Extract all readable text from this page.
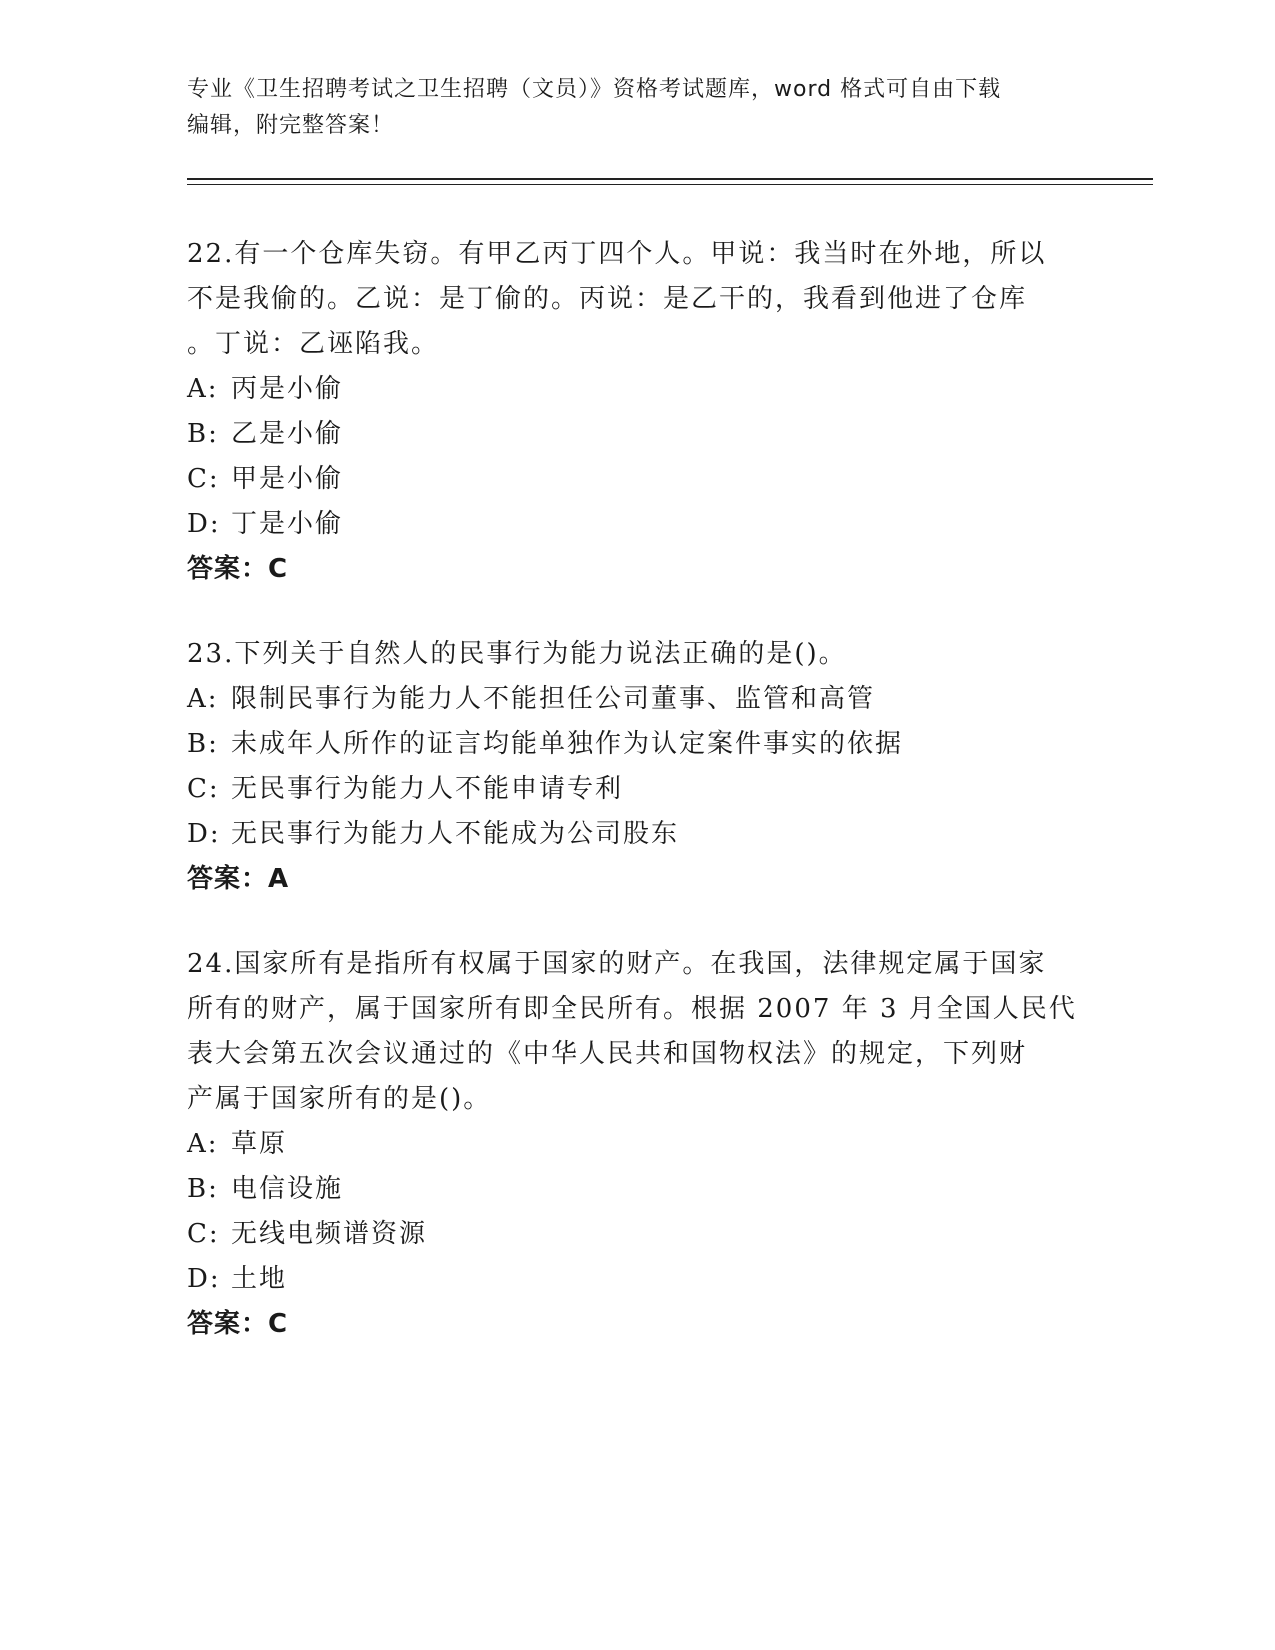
专业《卫生招聘考试之卫生招聘（文员）》资格考试题库，word 格式可自由下载
编辑，附完整答案！
22.有一个仓库失窃。有甲乙丙丁四个人。甲说：我当时在外地，所以
不是我偷的。乙说：是丁偷的。丙说：是乙干的，我看到他进了仓库
。丁说：乙诬陷我。
A: 丙是小偷
B: 乙是小偷
C: 甲是小偷
D: 丁是小偷
答案：C
23.下列关于自然人的民事行为能力说法正确的是()。
A: 限制民事行为能力人不能担任公司董事、监管和高管
B: 未成年人所作的证言均能单独作为认定案件事实的依据
C: 无民事行为能力人不能申请专利
D: 无民事行为能力人不能成为公司股东
答案：A
24.国家所有是指所有权属于国家的财产。在我国，法律规定属于国家
所有的财产，属于国家所有即全民所有。根据 2007 年 3 月全国人民代
表大会第五次会议通过的《中华人民共和国物权法》的规定，下列财
产属于国家所有的是()。
A: 草原
B: 电信设施
C: 无线电频谱资源
D: 土地
答案：C
